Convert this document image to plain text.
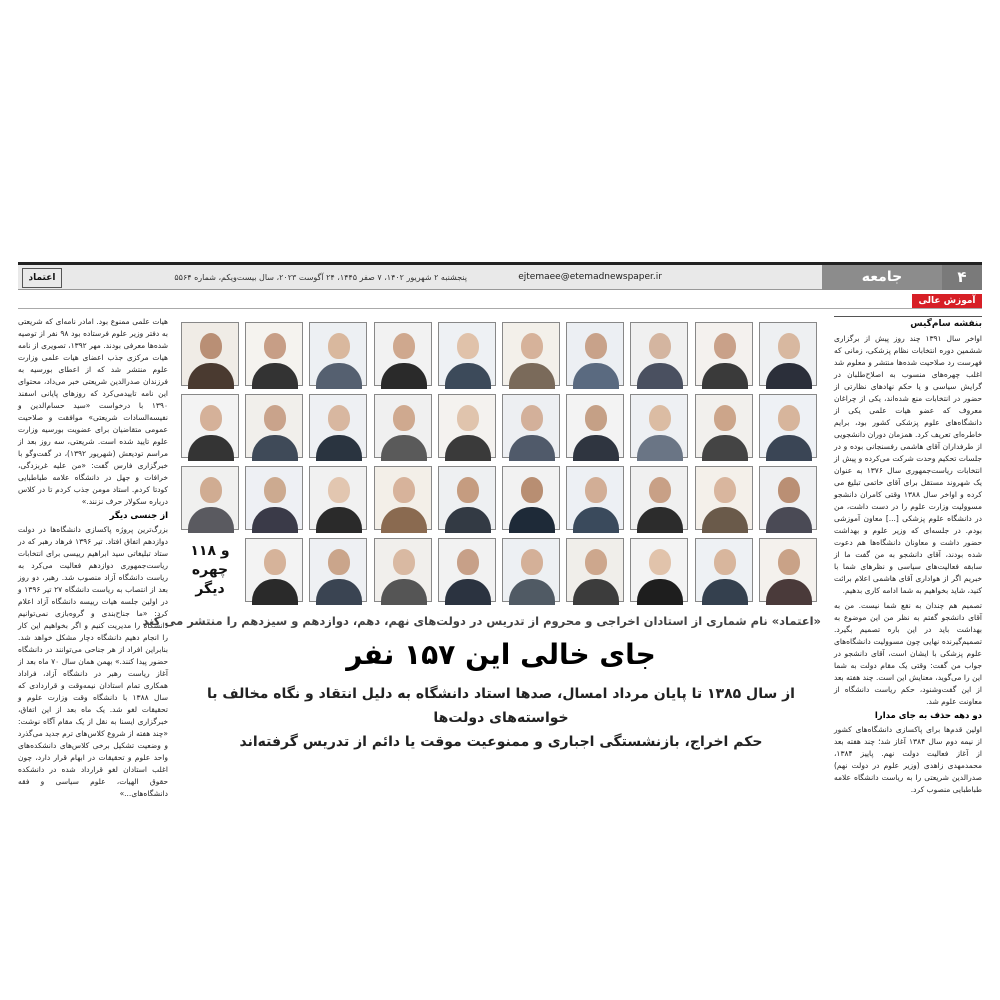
۴
جامعه
ejtemaee@etemadnewspaper.ir
پنجشنبه ۲ شهریور ۱۴۰۲، ۷ صفر ۱۴۴۵، ۲۴ آگوست ۲۰۲۳، سال بیست‌ویکم، شماره ۵۵۶۴
اعتماد
آموزش عالی
بنفشه سام‌گیس

اواخر سال ۱۳۹۱ چند روز پیش از برگزاری ششمین دوره انتخابات نظام پزشکی، زمانی که فهرست رد صلاحیت شده‌ها منتشر و معلوم شد اغلب چهره‌های منسوب به اصلاح‌طلبان در گرایش سیاسی و یا حکم نهادهای نظارتی از حضور در انتخابات منع شده‌اند، یکی از چراغان معروف که عضو هیات علمی یکی از دانشگاه‌های علوم پزشکی کشور بود، برایم خاطره‌ای تعریف کرد. همزمان دوران دانشجویی از طرفداران آقای هاشمی رفسنجانی بوده و در جلسات تحکیم وحدت شرکت می‌کرده و پیش از انتخابات ریاست‌جمهوری سال ۱۳۷۶ به عنوان یک شهروند مستقل برای آقای خاتمی تبلیغ می کرده و اواخر سال ۱۳۸۸ وقتی کامران دانشجو مسوولیت وزارت علوم را در دست داشت، من در دانشگاه علوم پزشکی [...] معاون آموزشی بودم. در جلسه‌ای که وزیر علوم و بهداشت حضور داشت و معاونان دانشگاه‌ها هم دعوت شده بودند، آقای دانشجو به من گفت ما از سابقه فعالیت‌های سیاسی و نظرهای شما با خبریم اگر از هواداری آقای هاشمی اعلام برائت کنید، شاید بخواهیم به شما ادامه کاری بدهیم.

تصمیم هم چندان به نفع شما نیست. من به آقای دانشجو گفتم به نظر من این موضوع به بهداشت باید در این باره تصمیم بگیرد. تصمیم‌گیرنده نهایی چون مسوولیت دانشگاه‌های علوم پزشکی با ایشان است، آقای دانشجو در جواب من گفت: وقتی یک مقام دولت به شما این را می‌گوید، معنایش این است. چند هفته بعد از این گفت‌وشنود، حکم ریاست دانشگاه از معاونت علوم شد.

دو دهه حذف به جای مدارا

اولین قدم‌ها برای پاکسازی دانشگاه‌های کشور از نیمه دوم سال ۱۳۸۴ آغاز شد؛ چند هفته بعد از آغاز فعالیت دولت نهم. پاییز ۱۳۸۴، محمدمهدی زاهدی (وزیر علوم در دولت نهم) صدرالدین شریعتی را به ریاست دانشگاه علامه طباطبایی منصوب کرد.

هیات علمی ممنوع بود. امادر نامه‌ای که شریعتی به دفتر وزیر علوم فرستاده بود ۹۸ نفر از توصیه شده‌ها معرفی بودند. مهر ۱۳۹۲، تصویری از نامه هیات مرکزی جذب اعضای هیات علمی وزارت علوم منتشر شد که از اعطای بورسیه به فرزندان صدرالدین شریعتی خبر می‌داد، محتوای این نامه تاییدمی‌کرد که روزهای پایانی اسفند ۱۳۹۰ با درخواست «سید حسام‌الدین و نفیسه‌السادات شریعتی» موافقت و صلاحیت عمومی متقاضیان برای عضویت بورسیه وزارت علوم تایید شده است. شریعتی، سه روز بعد از مراسم تودیعش (شهریور ۱۳۹۲)، در گفت‌وگو با خبرگزاری فارس گفت: «من علیه غربزدگی، خرافات و جهل در دانشگاه علامه طباطبایی کودتا کردم. استاد مومن جذب کردم تا در کلاس درباره سکولار حرف نزنند.»

از جنسی دیگر

بزرگ‌ترین پروژه پاکسازی دانشگاه‌ها در دولت دوازدهم اتفاق افتاد. تیر ۱۳۹۶ فرهاد رهبر که در ستاد تبلیغاتی سید ابراهیم رییسی برای انتخابات ریاست‌جمهوری دوازدهم فعالیت می‌کرد به ریاست دانشگاه آزاد منصوب شد. رهبر، دو روز بعد از انتصاب به ریاست دانشگاه ۲۷ تیر ۱۳۹۶ و در اولین جلسه هیات رییسه دانشگاه آزاد اعلام کرد: «ما جناح‌بندی و گروه‌بازی نمی‌توانیم دانشگاه را مدیریت کنیم و اگر بخواهیم این کار را انجام دهیم دانشگاه دچار مشکل خواهد شد. بنابراین افراد از هر جناحی می‌توانند در دانشگاه حضور پیدا کنند.» بهمن همان سال ۷۰ ماه بعد از آغاز ریاست رهبر در دانشگاه آزاد، فراداد همکاری تمام استادان نیمه‌وقت و قراردادی که سال ۱۳۸۸ با دانشگاه وقت وزارت علوم و تحقیقات لغو شد. یک ماه بعد از این اتفاق، خبرگزاری ایسنا به نقل از یک مقام آگاه نوشت: «چند هفته از شروع کلاس‌های ترم جدید می‌گذرد و وضعیت تشکیل برخی کلاس‌های دانشکده‌های واحد علوم و تحقیقات در ابهام قرار دارد، چون اغلب استادان لغو قرارداد شده در دانشکده حقوق الهیات، علوم سیاسی و فقه دانشگاه‌های...»

و ۱۱۸
چهره
دیگر
«اعتماد» نام شماری از استادان اخراجی و محروم از تدریس در دولت‌های نهم، دهم، دوازدهم و سیزدهم را منتشر می کند
جای خالی این ۱۵۷ نفر
از سال ۱۳۸۵ تا پایان مرداد امسال، صدها استاد دانشگاه به دلیل انتقاد و نگاه مخالف با خواسته‌های دولت‌ها
حکم اخراج، بازنشستگی اجباری و ممنوعیت موقت یا دائم از تدریس گرفته‌اند
